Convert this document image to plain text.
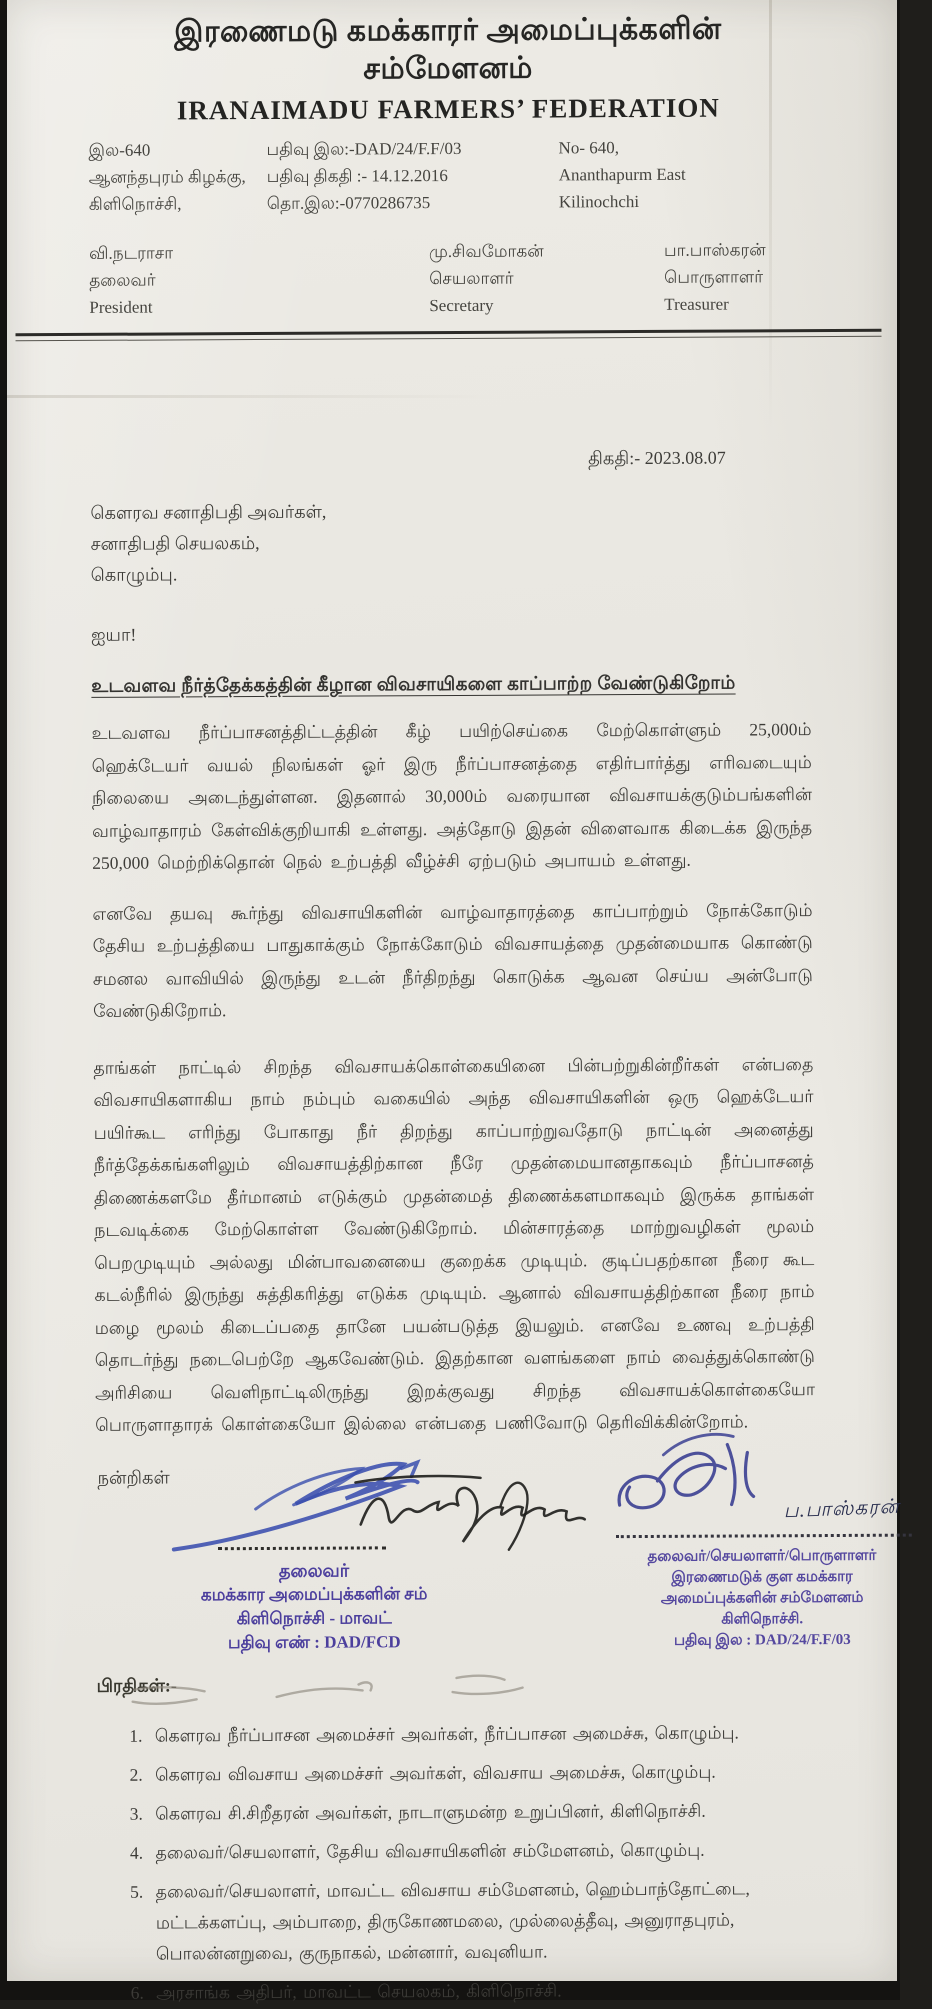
இரணைமடு கமக்காரர் அமைப்புக்களின் சம்மேளனம்
IRANAIMADU FARMERS’ FEDERATION
இல-640
ஆனந்தபுரம் கிழக்கு,
கிளிநொச்சி,
பதிவு இல:-DAD/24/F.F/03
பதிவு திகதி :- 14.12.2016
தொ.இல:-0770286735
No- 640,
Ananthapurm East
Kilinochchi
வி.நடராசா
தலைவர்
President
மு.சிவமோகன்
செயலாளர்
Secretary
பா.பாஸ்கரன்
பொருளாளர்
Treasurer
திகதி:- 2023.08.07
கௌரவ சனாதிபதி அவர்கள்,
சனாதிபதி செயலகம்,
கொழும்பு.
ஐயா!
உடவளவ நீர்த்தேக்கத்தின் கீழான விவசாயிகளை காப்பாற்ற வேண்டுகிறோம்
உடவளவ நீர்ப்பாசனத்திட்டத்தின் கீழ் பயிற்செய்கை மேற்கொள்ளும் 25,000ம் ஹெக்டேயர் வயல் நிலங்கள் ஓர் இரு நீர்ப்பாசனத்தை எதிர்பார்த்து எரிவடையும் நிலையை அடைந்துள்ளன. இதனால் 30,000ம் வரையான விவசாயக்குடும்பங்களின் வாழ்வாதாரம் கேள்விக்குறியாகி உள்ளது. அத்தோடு இதன் விளைவாக கிடைக்க இருந்த 250,000 மெற்றிக்தொன் நெல் உற்பத்தி வீழ்ச்சி ஏற்படும் அபாயம் உள்ளது.
எனவே தயவு கூர்ந்து விவசாயிகளின் வாழ்வாதாரத்தை காப்பாற்றும் நோக்கோடும் தேசிய உற்பத்தியை பாதுகாக்கும் நோக்கோடும் விவசாயத்தை முதன்மையாக கொண்டு சமனல வாவியில் இருந்து உடன் நீர்திறந்து கொடுக்க ஆவன செய்ய அன்போடு வேண்டுகிறோம்.
தாங்கள் நாட்டில் சிறந்த விவசாயக்கொள்கையினை பின்பற்றுகின்றீர்கள் என்பதை விவசாயிகளாகிய நாம் நம்பும் வகையில் அந்த விவசாயிகளின் ஒரு ஹெக்டேயர் பயிர்கூட எரிந்து போகாது நீர் திறந்து காப்பாற்றுவதோடு நாட்டின் அனைத்து நீர்த்தேக்கங்களிலும் விவசாயத்திற்கான நீரே முதன்மையானதாகவும் நீர்ப்பாசனத் திணைக்களமே தீர்மானம் எடுக்கும் முதன்மைத் திணைக்களமாகவும் இருக்க தாங்கள் நடவடிக்கை மேற்கொள்ள வேண்டுகிறோம். மின்சாரத்தை மாற்றுவழிகள் மூலம் பெறமுடியும் அல்லது மின்பாவனையை குறைக்க முடியும். குடிப்பதற்கான நீரை கூட கடல்நீரில் இருந்து சுத்திகரித்து எடுக்க முடியும். ஆனால் விவசாயத்திற்கான நீரை நாம் மழை மூலம் கிடைப்பதை தானே பயன்படுத்த இயலும். எனவே உணவு உற்பத்தி தொடர்ந்து நடைபெற்றே ஆகவேண்டும். இதற்கான வளங்களை நாம் வைத்துக்கொண்டு அரிசியை வெளிநாட்டிலிருந்து இறக்குவது சிறந்த விவசாயக்கொள்கையோ பொருளாதாரக் கொள்கையோ இல்லை என்பதை பணிவோடு தெரிவிக்கின்றோம்.
நன்றிகள்
தலைவர்
கமக்கார அமைப்புக்களின் சம்
கிளிநொச்சி - மாவட்
பதிவு எண் : DAD/FCD
ப.பாஸ்கரன்
தலைவர்/செயலாளர்/பொருளாளர்
இரணைமடுக் குள கமக்கார
அமைப்புக்களின் சம்மேளனம்
கிளிநொச்சி.
பதிவு இல : DAD/24/F.F/03
பிரதிகள்:-
1. கௌரவ நீர்ப்பாசன அமைச்சர் அவர்கள், நீர்ப்பாசன அமைச்சு, கொழும்பு.
2. கௌரவ விவசாய அமைச்சர் அவர்கள், விவசாய அமைச்சு, கொழும்பு.
3. கௌரவ சி.சிறீதரன் அவர்கள், நாடாளுமன்ற உறுப்பினர், கிளிநொச்சி.
4. தலைவர்/செயலாளர், தேசிய விவசாயிகளின் சம்மேளனம், கொழும்பு.
5. தலைவர்/செயலாளர், மாவட்ட விவசாய சம்மேளனம், ஹெம்பாந்தோட்டை, மட்டக்களப்பு, அம்பாறை, திருகோணமலை, முல்லைத்தீவு, அனுராதபுரம், பொலன்னறுவை, குருநாகல், மன்னார், வவுனியா.
6. அரசாங்க அதிபர், மாவட்ட செயலகம், கிளிநொச்சி.
